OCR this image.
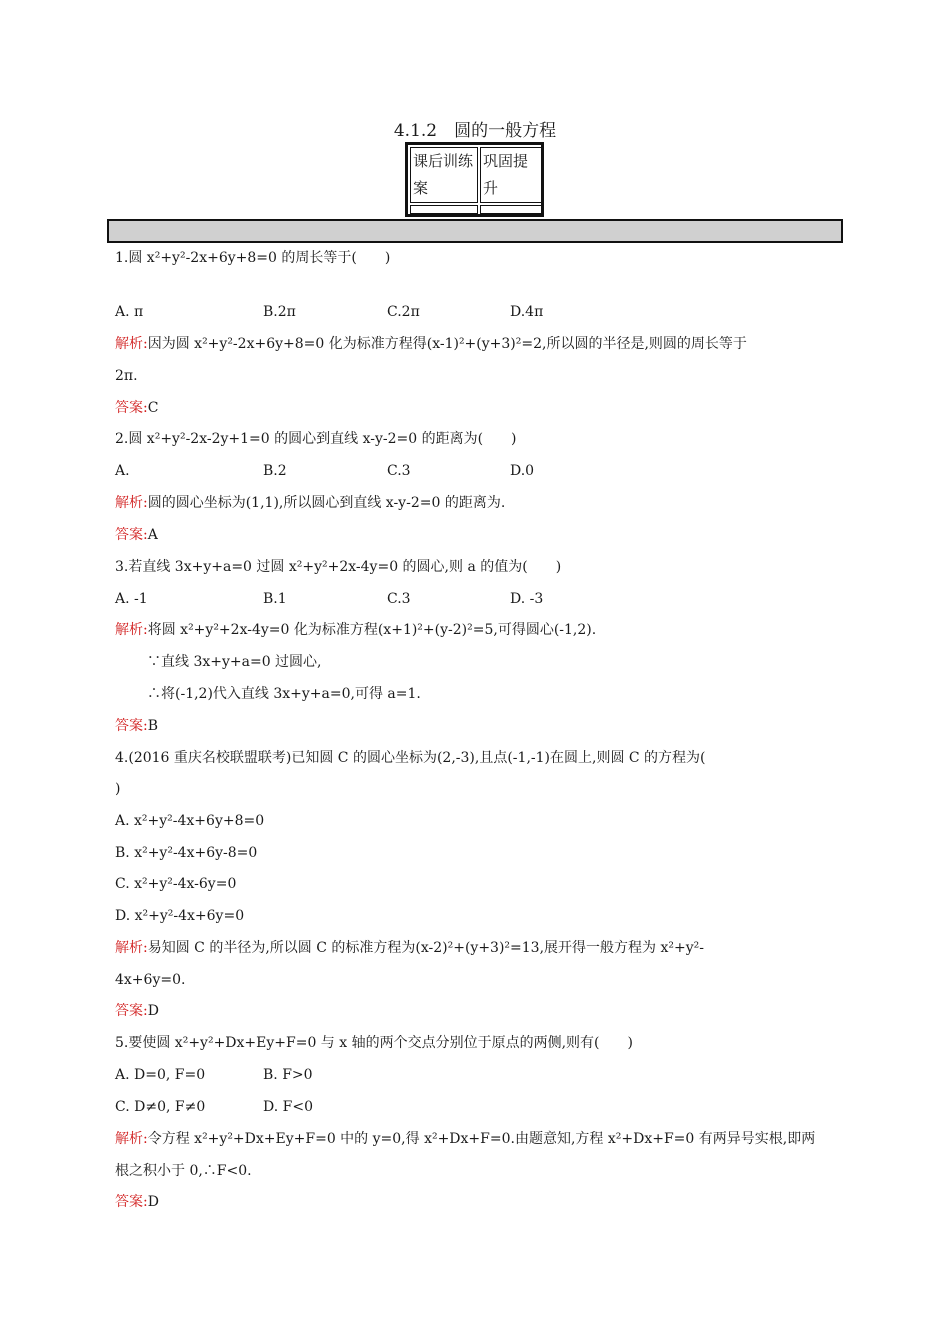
4.1.2　圆的一般方程
课后训练案
巩固提升
1.圆 x²+y²-2x+6y+8=0 的周长等于(　　)
A. π	B.2π	C.2π	D.4π
解析:因为圆 x²+y²-2x+6y+8=0 化为标准方程得(x-1)²+(y+3)²=2,所以圆的半径是,则圆的周长等于
2π.
答案:C
2.圆 x²+y²-2x-2y+1=0 的圆心到直线 x-y-2=0 的距离为(　　)
A.	B.2	C.3	D.0
解析:圆的圆心坐标为(1,1),所以圆心到直线 x-y-2=0 的距离为.
答案:A
3.若直线 3x+y+a=0 过圆 x²+y²+2x-4y=0 的圆心,则 a 的值为(　　)
A. -1	B.1	C.3	D. -3
解析:将圆 x²+y²+2x-4y=0 化为标准方程(x+1)²+(y-2)²=5,可得圆心(-1,2).
∵直线 3x+y+a=0 过圆心,
∴将(-1,2)代入直线 3x+y+a=0,可得 a=1.
答案:B
4.(2016 重庆名校联盟联考)已知圆 C 的圆心坐标为(2,-3),且点(-1,-1)在圆上,则圆 C 的方程为(
)
A. x²+y²-4x+6y+8=0
B. x²+y²-4x+6y-8=0
C. x²+y²-4x-6y=0
D. x²+y²-4x+6y=0
解析:易知圆 C 的半径为,所以圆 C 的标准方程为(x-2)²+(y+3)²=13,展开得一般方程为 x²+y²-
4x+6y=0.
答案:D
5.要使圆 x²+y²+Dx+Ey+F=0 与 x 轴的两个交点分别位于原点的两侧,则有(　　)
A. D=0, F=0	B. F>0
C. D≠0, F≠0	D. F<0
解析:令方程 x²+y²+Dx+Ey+F=0 中的 y=0,得 x²+Dx+F=0.由题意知,方程 x²+Dx+F=0 有两异号实根,即两
根之积小于 0,∴F<0.
答案:D
